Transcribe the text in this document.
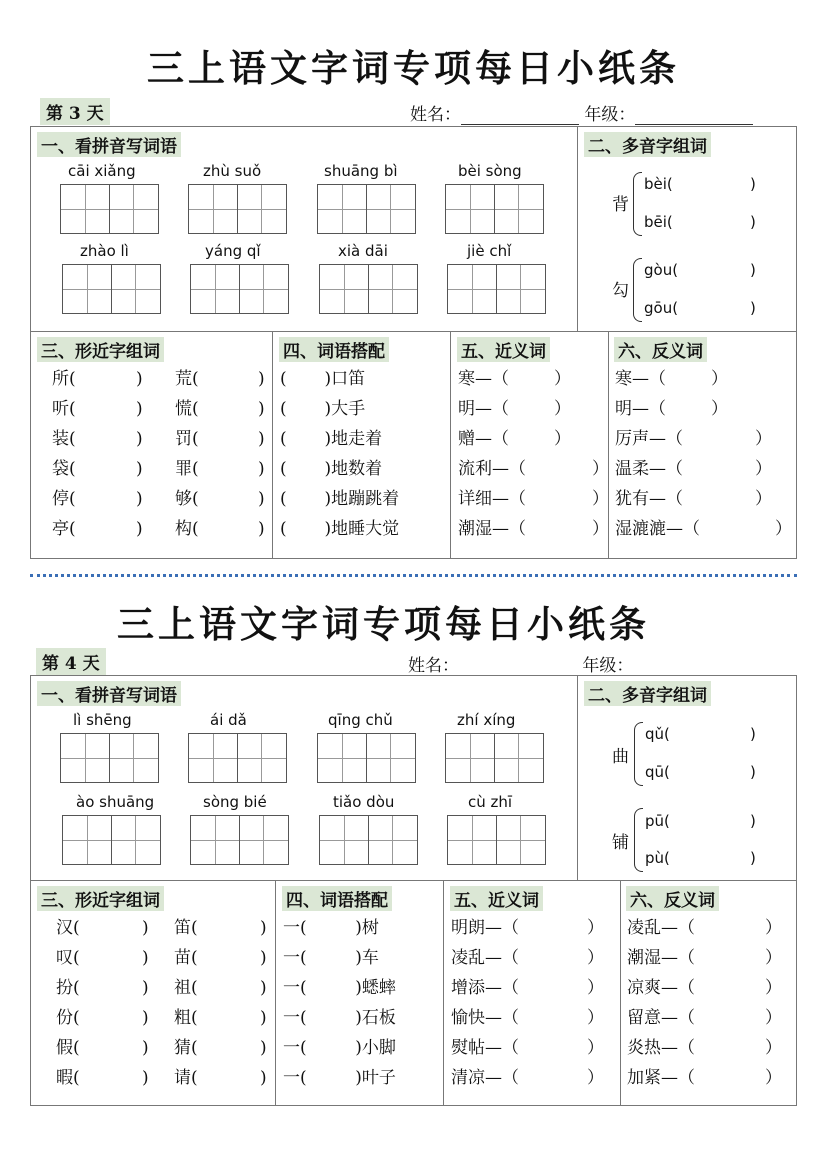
三上语文字词专项每日小纸条
第 3 天	姓名：	年级：
一、看拼音写词语	二、多音字组词
cāi xiǎng	zhù suǒ	shuāng bì	bèi sòng
zhào lì	yáng qǐ	xià dāi	jiè chǐ
背
bèi(	)
bēi(	)
勾
gòu(	)
gōu(	)
三、形近字组词	四、词语搭配	五、近义词	六、反义词
所(	) 荒(	)
听(	) 慌(	)
装(	) 罚(	)
袋(	) 罪(	)
停(	) 够(	)
亭(	) 构(	)
(       )口笛
(       )大手
(       )地走着
(       )地数着
(       )地蹦跳着
(       )地睡大觉
寒—（	）
明—（	）
赠—（	）
流利—（	）
详细—（	）
潮湿—（	）
寒—（	）
明—（	）
厉声—（	）
温柔—（	）
犹有—（	）
湿漉漉—（	）
三上语文字词专项每日小纸条
第 4 天	姓名：	年级：
一、看拼音写词语	二、多音字组词
lì shēng	ái dǎ	qīng chǔ	zhí xíng
ào shuāng	sòng bié	tiǎo dòu	cù zhī
曲
qǔ(	)
qū(	)
铺
pū(	)
pù(	)
三、形近字组词	四、词语搭配	五、近义词	六、反义词
汉(	) 笛(	)
叹(	) 苗(	)
扮(	) 祖(	)
份(	) 粗(	)
假(	) 猜(	)
暇(	) 请(	)
一(         )树
一(         )车
一(         )蟋蟀
一(         )石板
一(         )小脚
一(         )叶子
明朗—（	）
凌乱—（	）
增添—（	）
愉快—（	）
熨帖—（	）
清凉—（	）
凌乱—（	）
潮湿—（	）
凉爽—（	）
留意—（	）
炎热—（	）
加紧—（	）
